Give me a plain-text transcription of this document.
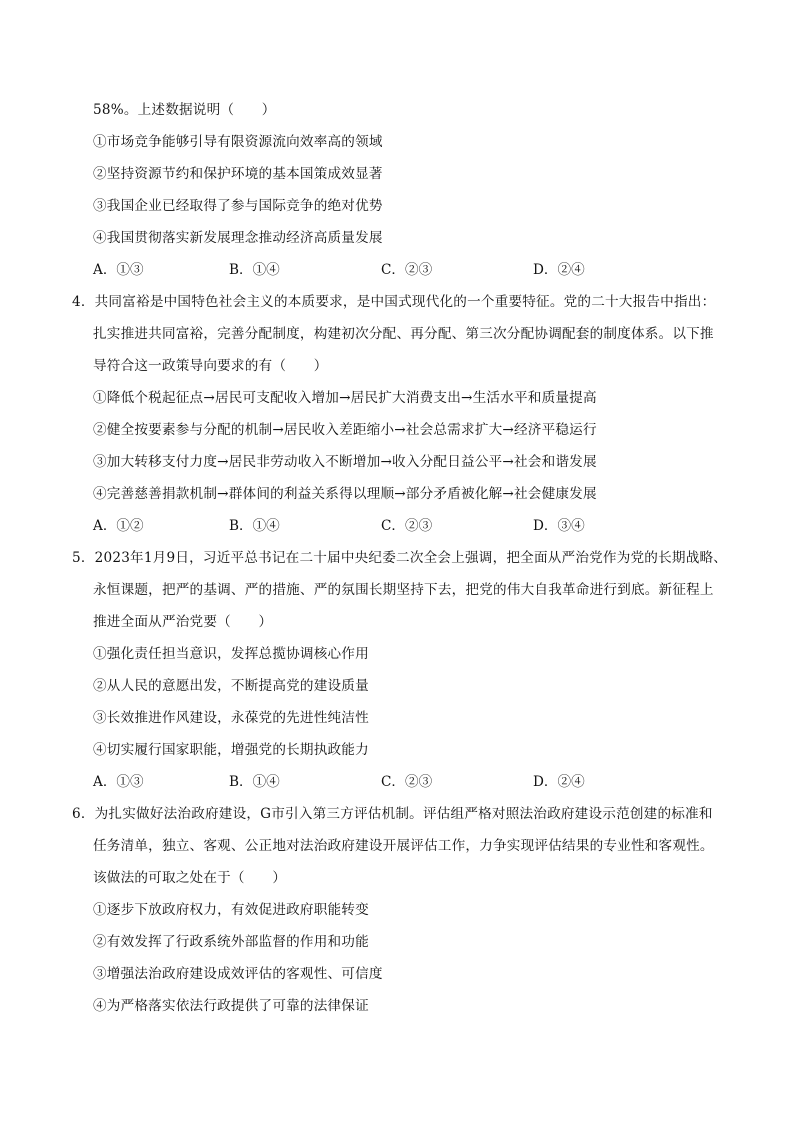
58%。上述数据说明（　　）
①市场竞争能够引导有限资源流向效率高的领域
②坚持资源节约和保护环境的基本国策成效显著
③我国企业已经取得了参与国际竞争的绝对优势
④我国贯彻落实新发展理念推动经济高质量发展
A．①③	B．①④	C．②③	D．②④
4．共同富裕是中国特色社会主义的本质要求，是中国式现代化的一个重要特征。党的二十大报告中指出：
扎实推进共同富裕，完善分配制度，构建初次分配、再分配、第三次分配协调配套的制度体系。以下推
导符合这一政策导向要求的有（　　）
①降低个税起征点→居民可支配收入增加→居民扩大消费支出→生活水平和质量提高
②健全按要素参与分配的机制→居民收入差距缩小→社会总需求扩大→经济平稳运行
③加大转移支付力度→居民非劳动收入不断增加→收入分配日益公平→社会和谐发展
④完善慈善捐款机制→群体间的利益关系得以理顺→部分矛盾被化解→社会健康发展
A．①②	B．①④	C．②③	D．③④
5．2023年1月9日，习近平总书记在二十届中央纪委二次全会上强调，把全面从严治党作为党的长期战略、
永恒课题，把严的基调、严的措施、严的氛围长期坚持下去，把党的伟大自我革命进行到底。新征程上
推进全面从严治党要（　　）
①强化责任担当意识，发挥总揽协调核心作用
②从人民的意愿出发，不断提高党的建设质量
③长效推进作风建设，永葆党的先进性纯洁性
④切实履行国家职能，增强党的长期执政能力
A．①③	B．①④	C．②③	D．②④
6．为扎实做好法治政府建设，G市引入第三方评估机制。评估组严格对照法治政府建设示范创建的标准和
任务清单，独立、客观、公正地对法治政府建设开展评估工作，力争实现评估结果的专业性和客观性。
该做法的可取之处在于（　　）
①逐步下放政府权力，有效促进政府职能转变
②有效发挥了行政系统外部监督的作用和功能
③增强法治政府建设成效评估的客观性、可信度
④为严格落实依法行政提供了可靠的法律保证
